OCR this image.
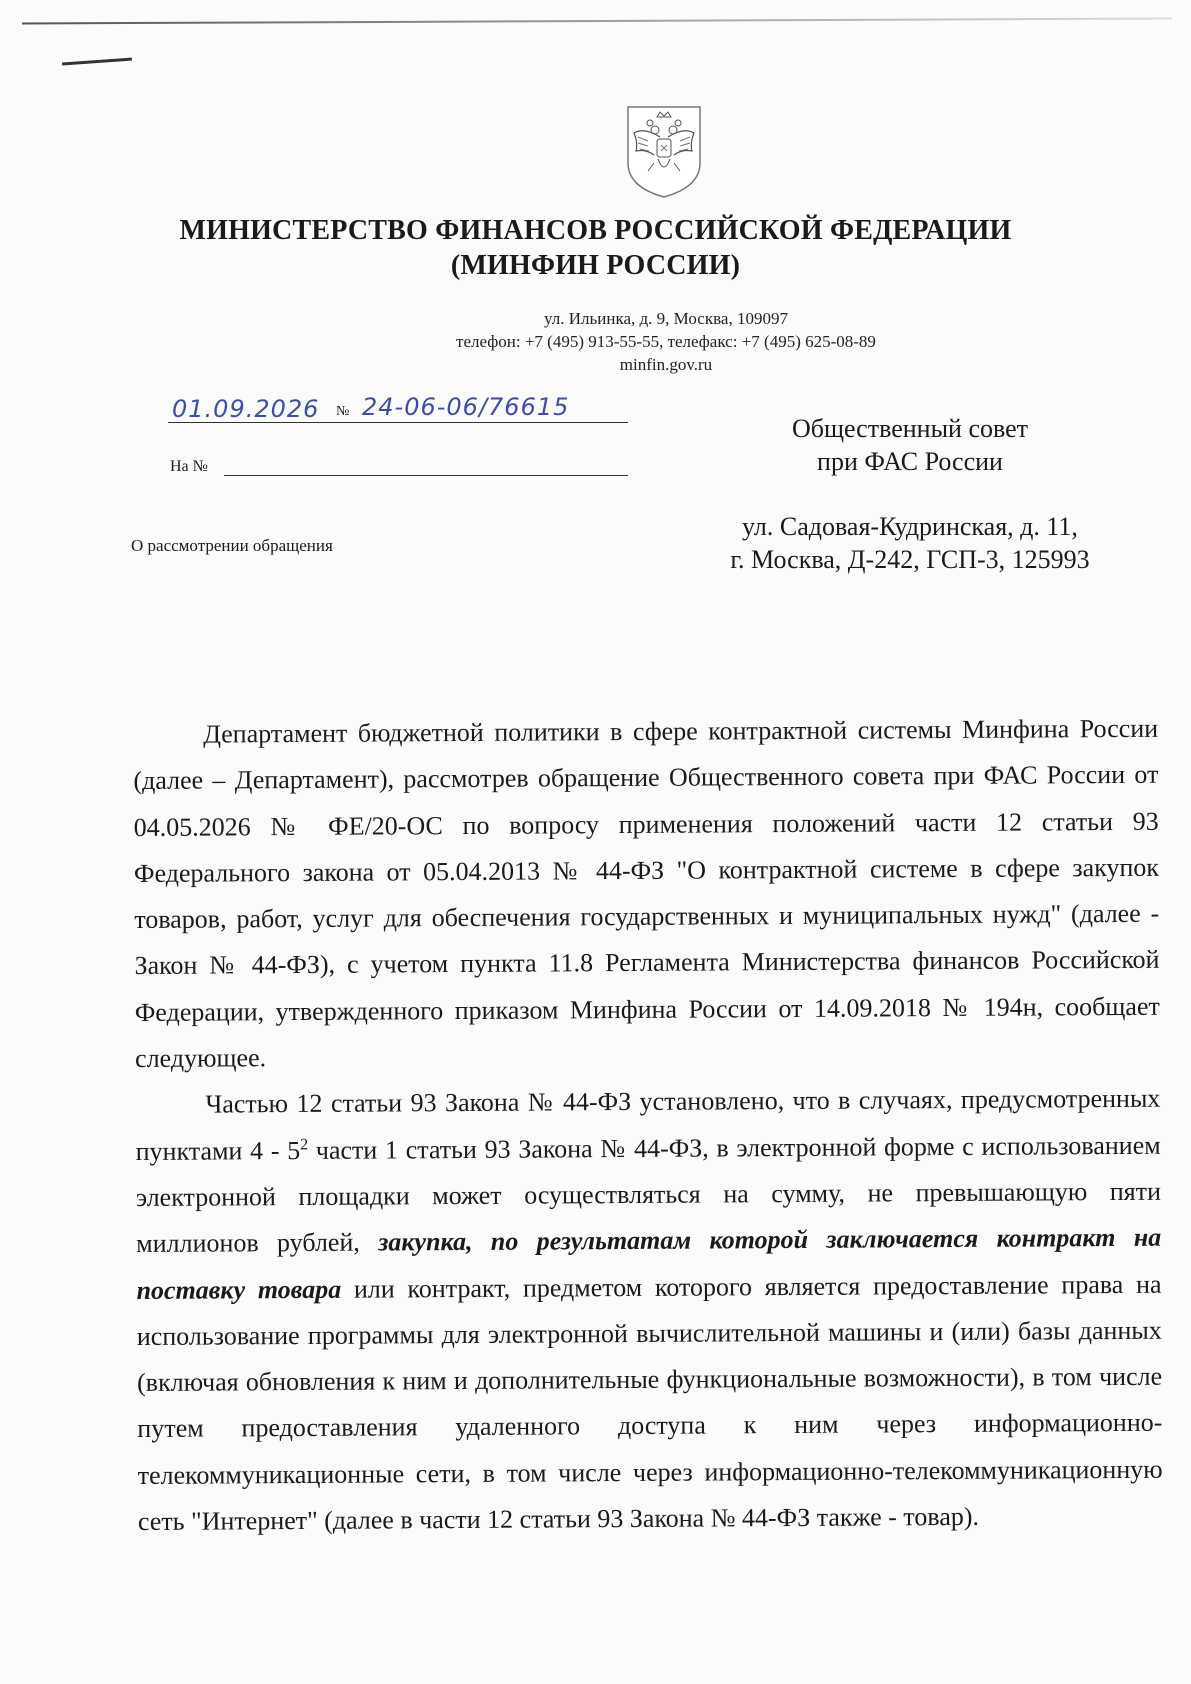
МИНИСТЕРСТВО ФИНАНСОВ РОССИЙСКОЙ ФЕДЕРАЦИИ
(МИНФИН РОССИИ)
ул. Ильинка, д. 9, Москва, 109097
телефон: +7 (495) 913-55-55, телефакс: +7 (495) 625-08-89
minfin.gov.ru
01.09.2026 № 24-06-06/76615
На №
Общественный совет
при ФАС России
ул. Садовая-Кудринская, д. 11,
г. Москва, Д-242, ГСП-3, 125993
О рассмотрении обращения

Департамент бюджетной политики в сфере контрактной системы Минфина России (далее – Департамент), рассмотрев обращение Общественного совета при ФАС России от 04.05.2026 № ФЕ/20-ОС по вопросу применения положений части 12 статьи 93 Федерального закона от 05.04.2013 № 44-ФЗ "О контрактной системе в сфере закупок товаров, работ, услуг для обеспечения государственных и муниципальных нужд" (далее - Закон № 44-ФЗ), с учетом пункта 11.8 Регламента Министерства финансов Российской Федерации, утвержденного приказом Минфина России от 14.09.2018 № 194н, сообщает следующее.

Частью 12 статьи 93 Закона № 44-ФЗ установлено, что в случаях, предусмотренных пунктами $4 - 5^2$ части 1 статьи 93 Закона № 44-ФЗ, в электронной форме с использованием электронной площадки может осуществляться на сумму, не превышающую пяти миллионов рублей, закупка, по результатам которой заключается контракт на поставку товара или контракт, предметом которого является предоставление права на использование программы для электронной вычислительной машины и (или) базы данных (включая обновления к ним и дополнительные функциональные возможности), в том числе путем предоставления удаленного доступа к ним через информационно-телекоммуникационные сети, в том числе через информационно-телекоммуникационную сеть "Интернет" (далее в части 12 статьи 93 Закона № 44-ФЗ также - товар).
